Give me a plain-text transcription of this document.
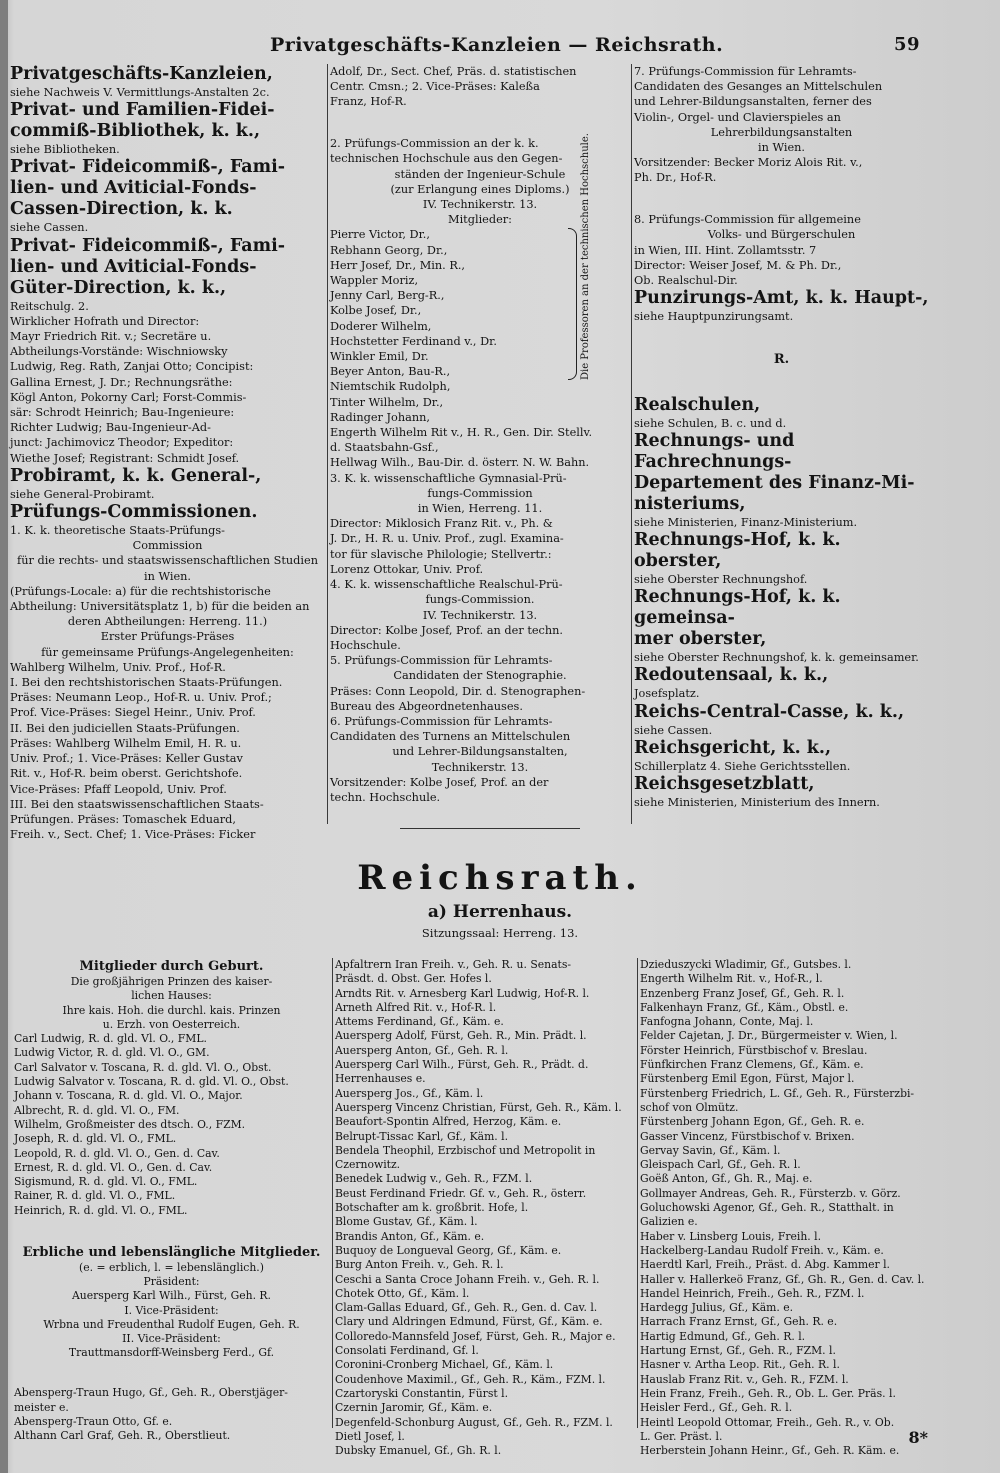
Privatgeschäfts-Kanzleien — Reichsrath.	59

Privatgeschäfts-Kanzleien,

siehe Nachweis V. Vermittlungs-Anstalten 2c.

Privat- und Familien-Fidei-

commiß-Bibliothek, k. k.,

siehe Bibliotheken.

Privat- Fideicommiß-, Fami-

lien- und Aviticial-Fonds-

Cassen-Direction, k. k.

siehe Cassen.

Privat- Fideicommiß-, Fami-

lien- und Aviticial-Fonds-

Güter-Direction, k. k.,

Reitschulg. 2.

Wirklicher Hofrath und Director:

Mayr Friedrich Rit. v.; Secretäre u.

Abtheilungs-Vorstände: Wischniowsky

Ludwig, Reg. Rath, Zanjai Otto; Concipist:

Gallina Ernest, J. Dr.; Rechnungsräthe:

Kögl Anton, Pokorny Carl; Forst-Commis-

sär: Schrodt Heinrich; Bau-Ingenieure:

Richter Ludwig; Bau-Ingenieur-Ad-

junct: Jachimovicz Theodor; Expeditor:

Wiethe Josef; Registrant: Schmidt Josef.

Probiramt, k. k. General-,

siehe General-Probiramt.

Prüfungs-Commissionen.

1. K. k. theoretische Staats-Prüfungs-

Commission

für die rechts- und staatswissenschaftlichen Studien

in Wien.

(Prüfungs-Locale: a) für die rechtshistorische

Abtheilung: Universitätsplatz 1, b) für die beiden an

deren Abtheilungen: Herreng. 11.)

Erster Prüfungs-Präses

für gemeinsame Prüfungs-Angelegenheiten:

Wahlberg Wilhelm, Univ. Prof., Hof-R.

I. Bei den rechtshistorischen Staats-Prüfungen.

Präses: Neumann Leop., Hof-R. u. Univ. Prof.;

Prof. Vice-Präses: Siegel Heinr., Univ. Prof.

II. Bei den judiciellen Staats-Prüfungen.

Präses: Wahlberg Wilhelm Emil, H. R. u.

Univ. Prof.; 1. Vice-Präses: Keller Gustav

Rit. v., Hof-R. beim oberst. Gerichtshofe.

Vice-Präses: Pfaff Leopold, Univ. Prof.

III. Bei den staatswissenschaftlichen Staats-

Prüfungen. Präses: Tomaschek Eduard,

Freih. v., Sect. Chef; 1. Vice-Präses: Ficker

Adolf, Dr., Sect. Chef, Präs. d. statistischen

Centr. Cmsn.; 2. Vice-Präses: Kaleßa

Franz, Hof-R.

2. Prüfungs-Commission an der k. k.

technischen Hochschule aus den Gegen-

ständen der Ingenieur-Schule

(zur Erlangung eines Diploms.)

IV. Technikerstr. 13.

Mitglieder:

Pierre Victor, Dr.,

Rebhann Georg, Dr.,

Herr Josef, Dr., Min. R.,

Wappler Moriz,

Jenny Carl, Berg-R.,

Kolbe Josef, Dr.,

Doderer Wilhelm,

Hochstetter Ferdinand v., Dr.

Winkler Emil, Dr.

Beyer Anton, Bau-R.,

Niemtschik Rudolph,

Tinter Wilhelm, Dr.,

Radinger Johann,

Engerth Wilhelm Rit v., H. R., Gen. Dir. Stellv.

d. Staatsbahn-Gsf.,

Hellwag Wilh., Bau-Dir. d. österr. N. W. Bahn.

3. K. k. wissenschaftliche Gymnasial-Prü-

fungs-Commission

in Wien, Herreng. 11.

Director: Miklosich Franz Rit. v., Ph. &

J. Dr., H. R. u. Univ. Prof., zugl. Examina-

tor für slavische Philologie; Stellvertr.:

Lorenz Ottokar, Univ. Prof.

4. K. k. wissenschaftliche Realschul-Prü-

fungs-Commission.

IV. Technikerstr. 13.

Director: Kolbe Josef, Prof. an der techn.

Hochschule.

5. Prüfungs-Commission für Lehramts-

Candidaten der Stenographie.

Präses: Conn Leopold, Dir. d. Stenographen-

Bureau des Abgeordnetenhauses.

6. Prüfungs-Commission für Lehramts-

Candidaten des Turnens an Mittelschulen

und Lehrer-Bildungsanstalten,

Technikerstr. 13.

Vorsitzender: Kolbe Josef, Prof. an der

techn. Hochschule.

7. Prüfungs-Commission für Lehramts-

Candidaten des Gesanges an Mittelschulen

und Lehrer-Bildungsanstalten, ferner des

Violin-, Orgel- und Clavierspieles an

Lehrerbildungsanstalten

in Wien.

Vorsitzender: Becker Moriz Alois Rit. v.,

Ph. Dr., Hof-R.

8. Prüfungs-Commission für allgemeine

Volks- und Bürgerschulen

in Wien, III. Hint. Zollamtsstr. 7

Director: Weiser Josef, M. & Ph. Dr.,

Ob. Realschul-Dir.

Punzirungs-Amt, k. k. Haupt-,

siehe Hauptpunzirungsamt.

R.

Realschulen,

siehe Schulen, B. c. und d.

Rechnungs- und Fachrechnungs-

Departement des Finanz-Mi-

nisteriums,

siehe Ministerien, Finanz-Ministerium.

Rechnungs-Hof, k. k. oberster,

siehe Oberster Rechnungshof.

Rechnungs-Hof, k. k. gemeinsa-

mer oberster,

siehe Oberster Rechnungshof, k. k. gemeinsamer.

Redoutensaal, k. k.,

Josefsplatz.

Reichs-Central-Casse, k. k.,

siehe Cassen.

Reichsgericht, k. k.,

Schillerplatz 4. Siehe Gerichtsstellen.

Reichsgesetzblatt,

siehe Ministerien, Ministerium des Innern.

Die Professoren an der technischen Hochschule.

Reichsrath.

a) Herrenhaus.

Sitzungssaal: Herreng. 13.

Mitglieder durch Geburt.

Die großjährigen Prinzen des kaiser-

lichen Hauses:

Ihre kais. Hoh. die durchl. kais. Prinzen

u. Erzh. von Oesterreich.

Carl Ludwig, R. d. gld. Vl. O., FML.

Ludwig Victor, R. d. gld. Vl. O., GM.

Carl Salvator v. Toscana, R. d. gld. Vl. O., Obst.

Ludwig Salvator v. Toscana, R. d. gld. Vl. O., Obst.

Johann v. Toscana, R. d. gld. Vl. O., Major.

Albrecht, R. d. gld. Vl. O., FM.

Wilhelm, Großmeister des dtsch. O., FZM.

Joseph, R. d. gld. Vl. O., FML.

Leopold, R. d. gld. Vl. O., Gen. d. Cav.

Ernest, R. d. gld. Vl. O., Gen. d. Cav.

Sigismund, R. d. gld. Vl. O., FML.

Rainer, R. d. gld. Vl. O., FML.

Heinrich, R. d. gld. Vl. O., FML.

Erbliche und lebenslängliche Mitglieder.

(e. = erblich, l. = lebenslänglich.)

Präsident:

Auersperg Karl Wilh., Fürst, Geh. R.

I. Vice-Präsident:

Wrbna und Freudenthal Rudolf Eugen, Geh. R.

II. Vice-Präsident:

Trauttmansdorff-Weinsberg Ferd., Gf.

Abensperg-Traun Hugo, Gf., Geh. R., Oberstjäger-

meister e.

Abensperg-Traun Otto, Gf. e.

Althann Carl Graf, Geh. R., Oberstlieut.

Apfaltrern Iran Freih. v., Geh. R. u. Senats-

Präsdt. d. Obst. Ger. Hofes l.

Arndts Rit. v. Arnesberg Karl Ludwig, Hof-R. l.

Arneth Alfred Rit. v., Hof-R. l.

Attems Ferdinand, Gf., Käm. e.

Auersperg Adolf, Fürst, Geh. R., Min. Prädt. l.

Auersperg Anton, Gf., Geh. R. l.

Auersperg Carl Wilh., Fürst, Geh. R., Prädt. d.

Herrenhauses e.

Auersperg Jos., Gf., Käm. l.

Auersperg Vincenz Christian, Fürst, Geh. R., Käm. l.

Beaufort-Spontin Alfred, Herzog, Käm. e.

Belrupt-Tissac Karl, Gf., Käm. l.

Bendela Theophil, Erzbischof und Metropolit in

Czernowitz.

Benedek Ludwig v., Geh. R., FZM. l.

Beust Ferdinand Friedr. Gf. v., Geh. R., österr.

Botschafter am k. großbrit. Hofe, l.

Blome Gustav, Gf., Käm. l.

Brandis Anton, Gf., Käm. e.

Buquoy de Longueval Georg, Gf., Käm. e.

Burg Anton Freih. v., Geh. R. l.

Ceschi a Santa Croce Johann Freih. v., Geh. R. l.

Chotek Otto, Gf., Käm. l.

Clam-Gallas Eduard, Gf., Geh. R., Gen. d. Cav. l.

Clary und Aldringen Edmund, Fürst, Gf., Käm. e.

Colloredo-Mannsfeld Josef, Fürst, Geh. R., Major e.

Consolati Ferdinand, Gf. l.

Coronini-Cronberg Michael, Gf., Käm. l.

Coudenhove Maximil., Gf., Geh. R., Käm., FZM. l.

Czartoryski Constantin, Fürst l.

Czernin Jaromir, Gf., Käm. e.

Degenfeld-Schonburg August, Gf., Geh. R., FZM. l.

Dietl Josef, l.

Dubsky Emanuel, Gf., Gh. R. l.

Dzieduszycki Wladimir, Gf., Gutsbes. l.

Engerth Wilhelm Rit. v., Hof-R., l.

Enzenberg Franz Josef, Gf., Geh. R. l.

Falkenhayn Franz, Gf., Käm., Obstl. e.

Fanfogna Johann, Conte, Maj. l.

Felder Cajetan, J. Dr., Bürgermeister v. Wien, l.

Förster Heinrich, Fürstbischof v. Breslau.

Fünfkirchen Franz Clemens, Gf., Käm. e.

Fürstenberg Emil Egon, Fürst, Major l.

Fürstenberg Friedrich, L. Gf., Geh. R., Fürsterzbi-

schof von Olmütz.

Fürstenberg Johann Egon, Gf., Geh. R. e.

Gasser Vincenz, Fürstbischof v. Brixen.

Gervay Savin, Gf., Käm. l.

Gleispach Carl, Gf., Geh. R. l.

Goëß Anton, Gf., Gh. R., Maj. e.

Gollmayer Andreas, Geh. R., Fürsterzb. v. Görz.

Goluchowski Agenor, Gf., Geh. R., Statthalt. in

Galizien e.

Haber v. Linsberg Louis, Freih. l.

Hackelberg-Landau Rudolf Freih. v., Käm. e.

Haerdtl Karl, Freih., Präst. d. Abg. Kammer l.

Haller v. Hallerkeö Franz, Gf., Gh. R., Gen. d. Cav. l.

Handel Heinrich, Freih., Geh. R., FZM. l.

Hardegg Julius, Gf., Käm. e.

Harrach Franz Ernst, Gf., Geh. R. e.

Hartig Edmund, Gf., Geh. R. l.

Hartung Ernst, Gf., Geh. R., FZM. l.

Hasner v. Artha Leop. Rit., Geh. R. l.

Hauslab Franz Rit. v., Geh. R., FZM. l.

Hein Franz, Freih., Geh. R., Ob. L. Ger. Präs. l.

Heisler Ferd., Gf., Geh. R. l.

Heintl Leopold Ottomar, Freih., Geh. R., v. Ob.

L. Ger. Präst. l.

Herberstein Johann Heinr., Gf., Geh. R. Käm. e.

8*
